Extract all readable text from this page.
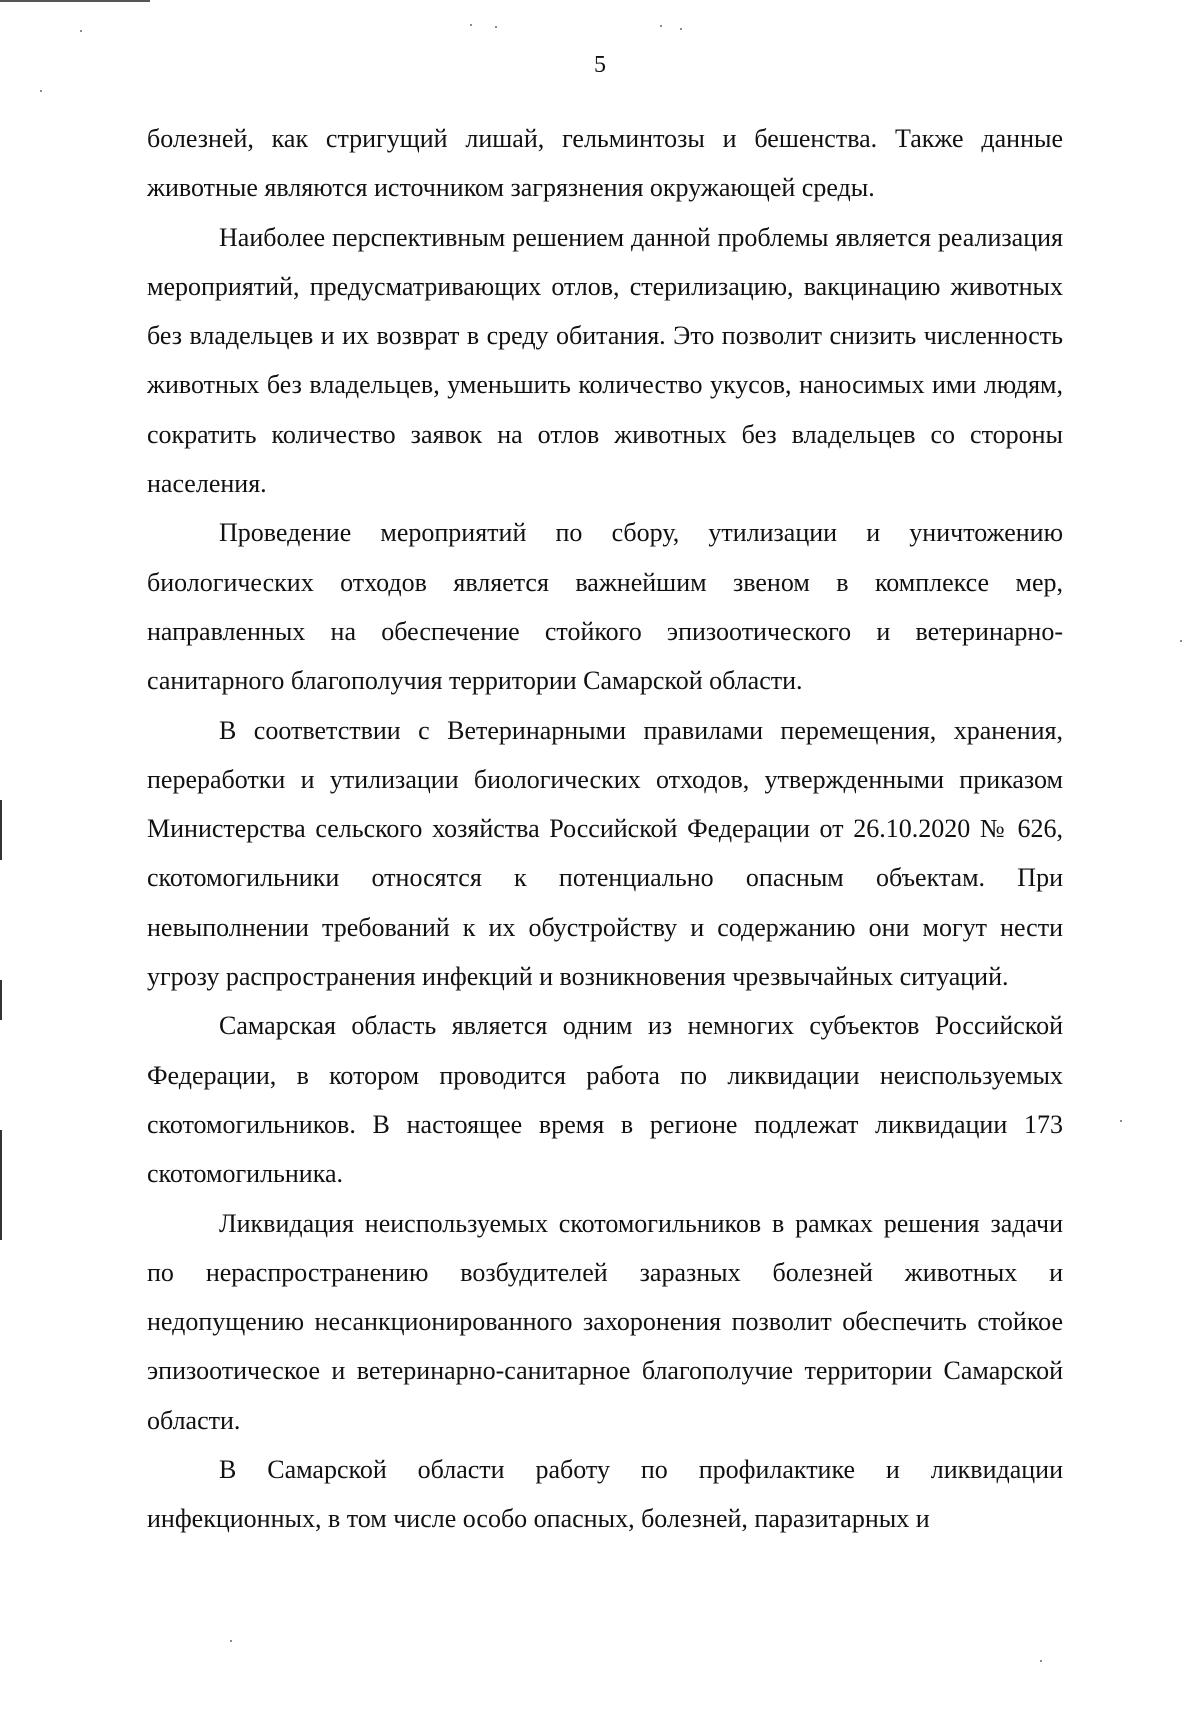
5

болезней, как стригущий лишай, гельминтозы и бешенства. Также данные животные являются источником загрязнения окружающей среды.

Наиболее перспективным решением данной проблемы является реализация мероприятий, предусматривающих отлов, стерилизацию, вакцинацию животных без владельцев и их возврат в среду обитания. Это позволит снизить численность животных без владельцев, уменьшить количество укусов, наносимых ими людям, сократить количество заявок на отлов животных без владельцев со стороны населения.

Проведение мероприятий по сбору, утилизации и уничтожению биологических отходов является важнейшим звеном в комплексе мер, направленных на обеспечение стойкого эпизоотического и ветеринарно-санитарного благополучия территории Самарской области.

В соответствии с Ветеринарными правилами перемещения, хранения, переработки и утилизации биологических отходов, утвержденными приказом Министерства сельского хозяйства Российской Федерации от 26.10.2020 № 626, скотомогильники относятся к потенциально опасным объектам. При невыполнении требований к их обустройству и содержанию они могут нести угрозу распространения инфекций и возникновения чрезвычайных ситуаций.

Самарская область является одним из немногих субъектов Российской Федерации, в котором проводится работа по ликвидации неиспользуемых скотомогильников. В настоящее время в регионе подлежат ликвидации 173 скотомогильника.

Ликвидация неиспользуемых скотомогильников в рамках решения задачи по нераспространению возбудителей заразных болезней животных и недопущению несанкционированного захоронения позволит обеспечить стойкое эпизоотическое и ветеринарно-санитарное благополучие территории Самарской области.

В Самарской области работу по профилактике и ликвидации инфекционных, в том числе особо опасных, болезней, паразитарных и
